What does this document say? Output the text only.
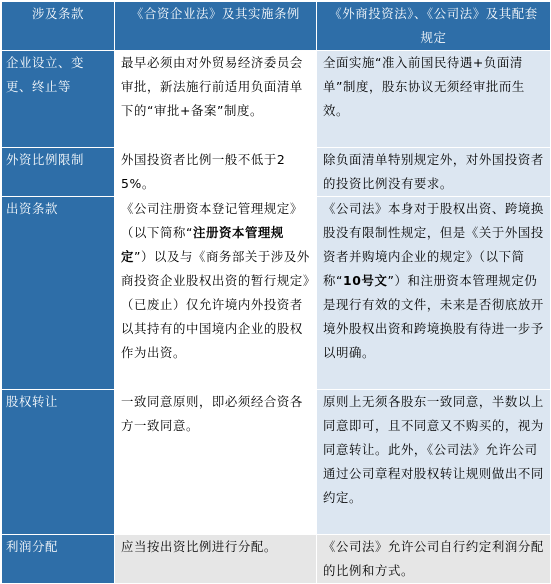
涉及条款	《合资企业法》及其实施条例	《外商投资法》、《公司法》及其配套规定
企业设立、变更、终止等	最早必须由对外贸易经济委员会审批，新法施行前适用负面清单下的“审批+备案”制度。	全面实施“准入前国民待遇+负面清单”制度，股东协议无须经审批而生效。
外资比例限制	外国投资者比例一般不低于25%。	除负面清单特别规定外，对外国投资者的投资比例没有要求。
出资条款	《公司注册资本登记管理规定》（以下简称“注册资本管理规定”）以及与《商务部关于涉及外商投资企业股权出资的暂行规定》（已废止）仅允许境内外投资者以其持有的中国境内企业的股权作为出资。	《公司法》本身对于股权出资、跨境换股没有限制性规定，但是《关于外国投资者并购境内企业的规定》（以下简称“10号文”）和注册资本管理规定仍是现行有效的文件，未来是否彻底放开境外股权出资和跨境换股有待进一步予以明确。
股权转让	一致同意原则，即必须经合资各方一致同意。	原则上无须各股东一致同意，半数以上同意即可，且不同意又不购买的，视为同意转让。此外，《公司法》允许公司通过公司章程对股权转让规则做出不同约定。
利润分配	应当按出资比例进行分配。	《公司法》允许公司自行约定利润分配的比例和方式。
